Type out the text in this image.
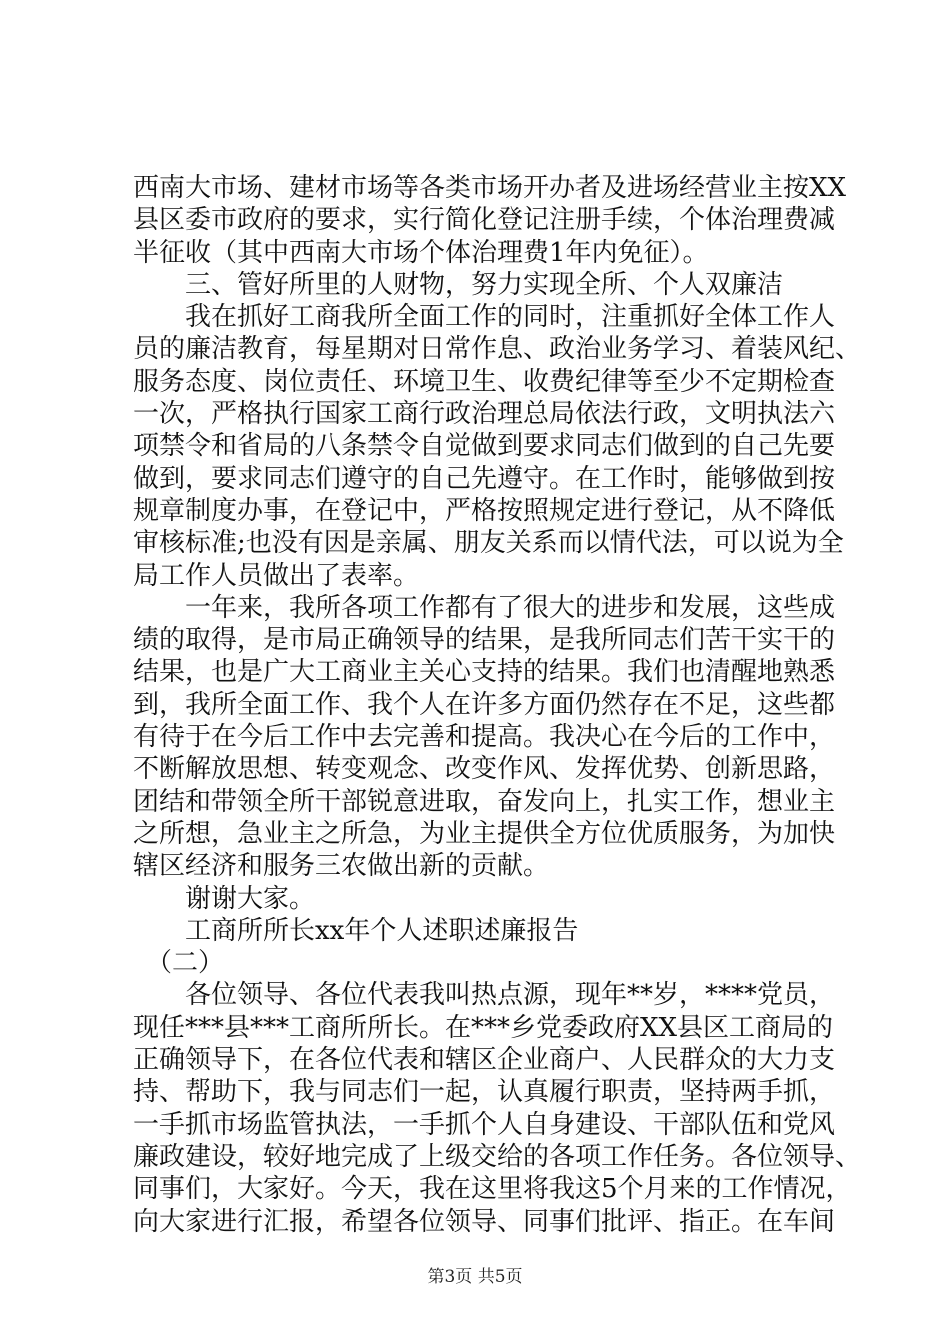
西南大市场、建材市场等各类市场开办者及进场经营业主按XX
县区委市政府的要求，实行简化登记注册手续，个体治理费减
半征收（其中西南大市场个体治理费1年内免征）。
　　三、管好所里的人财物，努力实现全所、个人双廉洁
　　我在抓好工商我所全面工作的同时，注重抓好全体工作人
员的廉洁教育，每星期对日常作息、政治业务学习、着装风纪、
服务态度、岗位责任、环境卫生、收费纪律等至少不定期检查
一次，严格执行国家工商行政治理总局依法行政，文明执法六
项禁令和省局的八条禁令自觉做到要求同志们做到的自己先要
做到，要求同志们遵守的自己先遵守。在工作时，能够做到按
规章制度办事，在登记中，严格按照规定进行登记，从不降低
审核标准;也没有因是亲属、朋友关系而以情代法，可以说为全
局工作人员做出了表率。
　　一年来，我所各项工作都有了很大的进步和发展，这些成
绩的取得，是市局正确领导的结果，是我所同志们苦干实干的
结果，也是广大工商业主关心支持的结果。我们也清醒地熟悉
到，我所全面工作、我个人在许多方面仍然存在不足，这些都
有待于在今后工作中去完善和提高。我决心在今后的工作中，
不断解放思想、转变观念、改变作风、发挥优势、创新思路，
团结和带领全所干部锐意进取，奋发向上，扎实工作，想业主
之所想，急业主之所急，为业主提供全方位优质服务，为加快
辖区经济和服务三农做出新的贡献。
　　谢谢大家。
　　工商所所长xx年个人述职述廉报告
　（二）
　　各位领导、各位代表我叫热点源，现年**岁，****党员，
现任***县***工商所所长。在***乡党委政府XX县区工商局的
正确领导下，在各位代表和辖区企业商户、人民群众的大力支
持、帮助下，我与同志们一起，认真履行职责，坚持两手抓，
一手抓市场监管执法，一手抓个人自身建设、干部队伍和党风
廉政建设，较好地完成了上级交给的各项工作任务。各位领导、
同事们，大家好。今天，我在这里将我这5个月来的工作情况，
向大家进行汇报，希望各位领导、同事们批评、指正。在车间
第3页 共5页
